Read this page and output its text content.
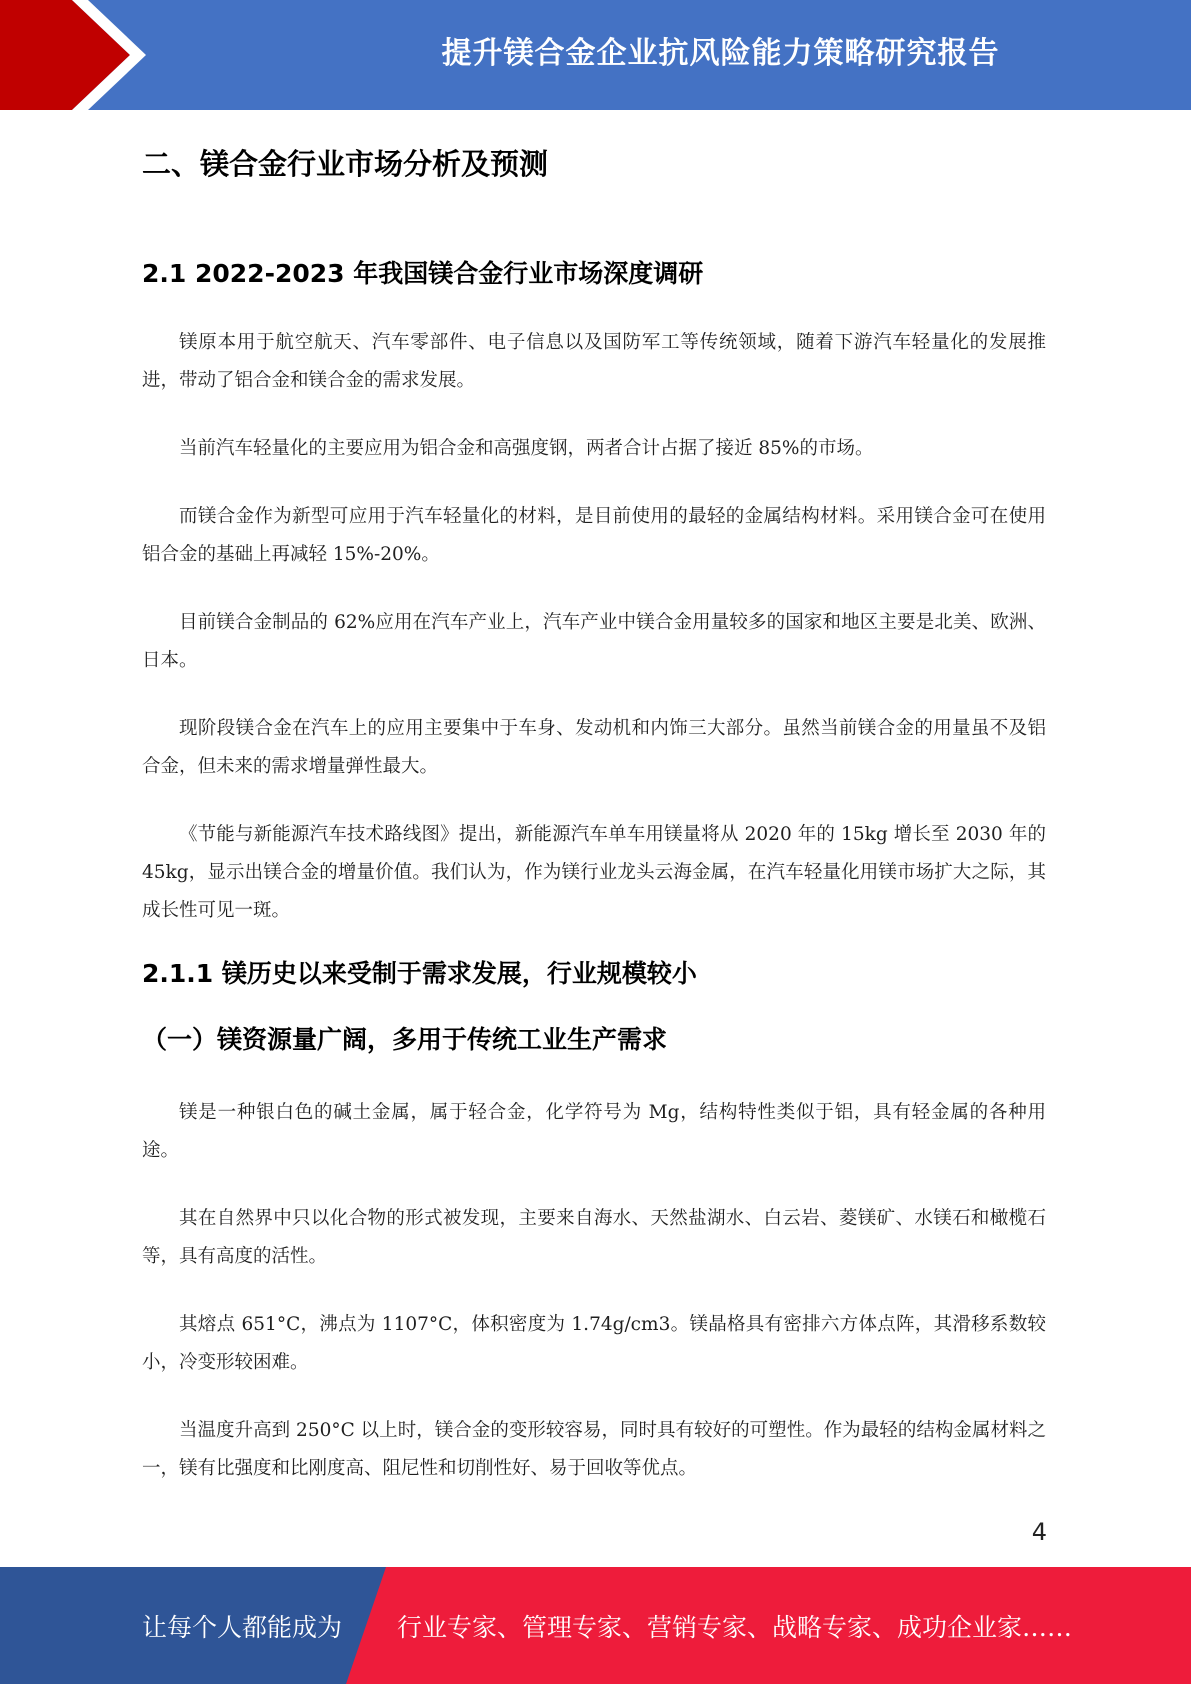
提升镁合金企业抗风险能力策略研究报告
二、镁合金行业市场分析及预测
2.1 2022-2023 年我国镁合金行业市场深度调研

镁原本用于航空航天、汽车零部件、电子信息以及国防军工等传统领域，随着下游汽车轻量化的发展推进，带动了铝合金和镁合金的需求发展。

当前汽车轻量化的主要应用为铝合金和高强度钢，两者合计占据了接近 85%的市场。

而镁合金作为新型可应用于汽车轻量化的材料，是目前使用的最轻的金属结构材料。采用镁合金可在使用铝合金的基础上再减轻 15%-20%。

目前镁合金制品的 62%应用在汽车产业上，汽车产业中镁合金用量较多的国家和地区主要是北美、欧洲、日本。

现阶段镁合金在汽车上的应用主要集中于车身、发动机和内饰三大部分。虽然当前镁合金的用量虽不及铝合金，但未来的需求增量弹性最大。

《节能与新能源汽车技术路线图》提出，新能源汽车单车用镁量将从 2020 年的 15kg 增长至 2030 年的 45kg，显示出镁合金的增量价值。我们认为，作为镁行业龙头云海金属，在汽车轻量化用镁市场扩大之际，其成长性可见一斑。

2.1.1 镁历史以来受制于需求发展，行业规模较小
（一）镁资源量广阔，多用于传统工业生产需求

镁是一种银白色的碱土金属，属于轻合金，化学符号为 Mg，结构特性类似于铝，具有轻金属的各种用途。

其在自然界中只以化合物的形式被发现，主要来自海水、天然盐湖水、白云岩、菱镁矿、水镁石和橄榄石等，具有高度的活性。

其熔点 651°C，沸点为 1107°C，体积密度为 1.74g/cm3。镁晶格具有密排六方体点阵，其滑移系数较小，冷变形较困难。

当温度升高到 250°C 以上时，镁合金的变形较容易，同时具有较好的可塑性。作为最轻的结构金属材料之一，镁有比强度和比刚度高、阻尼性和切削性好、易于回收等优点。

4
让每个人都能成为 行业专家、管理专家、营销专家、战略专家、成功企业家……
